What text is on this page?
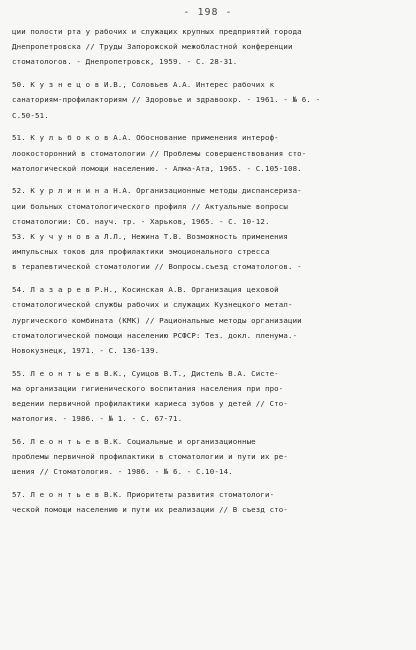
- 198 -
ции полости рта у рабочих и служащих крупных предприятий города
Днепропетровска // Труды Запорожской межобластной конференции
стоматологов. - Днепропетровск, 1959. - С. 28-31.
50. К у з н е ц о в И.В., Соловьев А.А. Интерес рабочих к
санаториям-профилакториям // Здоровье и здравоохр. - 1961. - № 6. -
С.50-51.
51. К у л ь б о к о в А.А. Обоснование применения интероф-
лоокосторонний в стоматологии // Проблемы совершенствования сто-
матологической помощи населению. - Алма-Ата, 1965. - С.105-108.
52. К у р л и н и н а Н.А. Организационные методы диспансериза-
ции больных стоматологического профиля // Актуальные вопросы
стоматологии: Сб. науч. тр. - Харьков, 1965. - С. 10-12.
53. К у ч у н о в а Л.Л., Нежина Т.В. Возможность применения
импульсных токов для профилактики эмоционального стресса
в терапевтической стоматологии // Вопросы.съезд стоматологов. -
54. Л а з а р е в Р.Н., Косинская А.В. Организация цеховой
стоматологической службы рабочих и служащих Кузнецкого метал-
лургического комбината (КМК) // Рациональные методы организации
стоматологической помощи населению РСФСР: Тез. докл. пленума.-
Новокузнецк, 1971. - С. 136-139.
55. Л е о н т ь е в В.К., Суицов В.Т., Дистель В.А. Систе-
ма организации гигиенического воспитания населения при про-
ведении первичной профилактики кариеса зубов у детей // Сто-
матология. - 1986. - № 1. - С. 67-71.
56. Л е о н т ь е в В.К. Социальные и организационные
проблемы первичной профилактики в стоматологии и пути их ре-
шения // Стоматология. - 1986. - № 6. - С.10-14.
57. Л е о н т ь е в В.К. Приоритеты развития стоматологи-
ческой помощи населению и пути их реализации // В съезд сто-
